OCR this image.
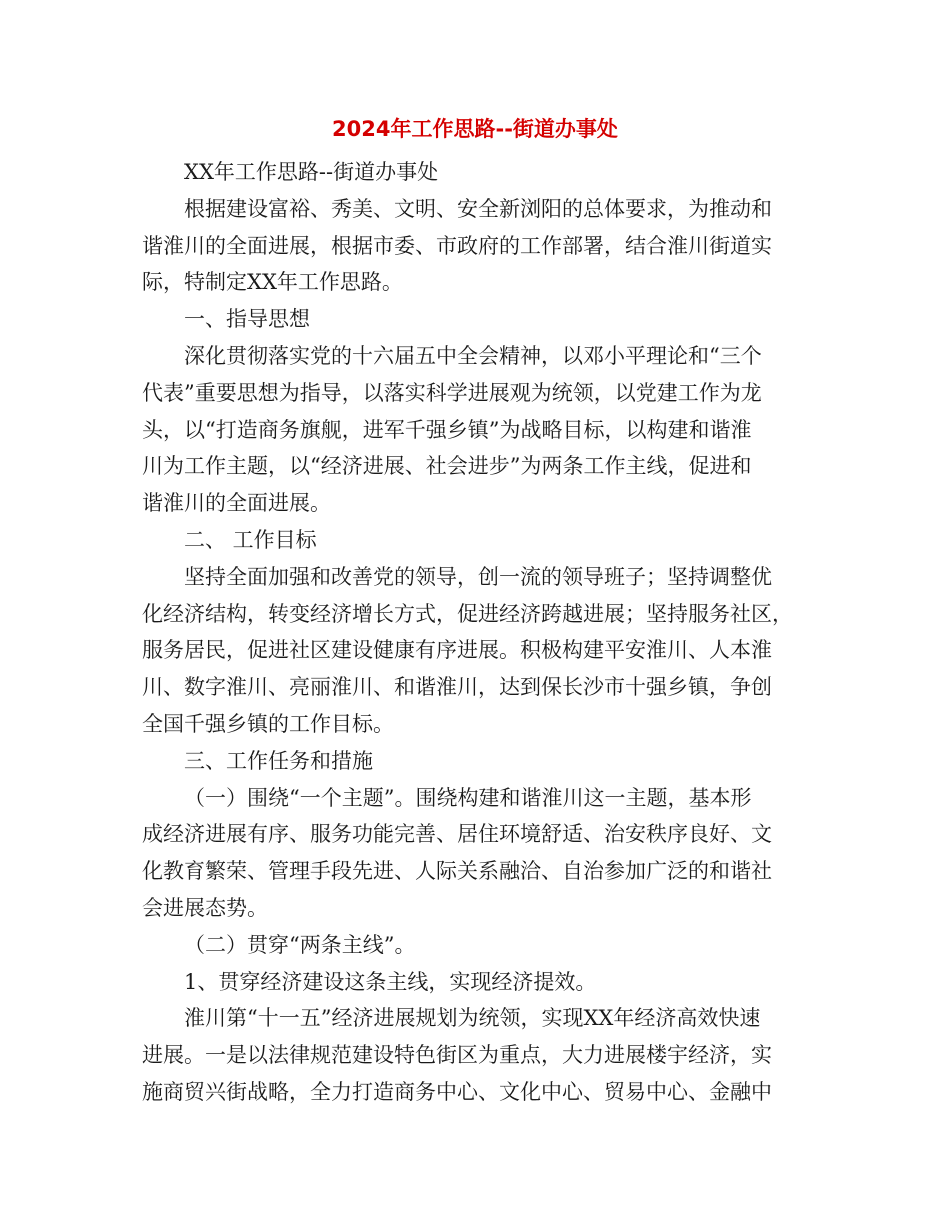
2024年工作思路--街道办事处
XX年工作思路--街道办事处
根据建设富裕、秀美、文明、安全新浏阳的总体要求，为推动和
谐淮川的全面进展，根据市委、市政府的工作部署，结合淮川街道实
际，特制定XX年工作思路。
一、指导思想
深化贯彻落实党的十六届五中全会精神，以邓小平理论和“三个
代表”重要思想为指导，以落实科学进展观为统领，以党建工作为龙
头，以“打造商务旗舰，进军千强乡镇”为战略目标，以构建和谐淮
川为工作主题，以“经济进展、社会进步”为两条工作主线，促进和
谐淮川的全面进展。
二、 工作目标
坚持全面加强和改善党的领导，创一流的领导班子；坚持调整优
化经济结构，转变经济增长方式，促进经济跨越进展；坚持服务社区，
服务居民，促进社区建设健康有序进展。积极构建平安淮川、人本淮
川、数字淮川、亮丽淮川、和谐淮川，达到保长沙市十强乡镇，争创
全国千强乡镇的工作目标。
三、工作任务和措施
（一）围绕“一个主题”。围绕构建和谐淮川这一主题，基本形
成经济进展有序、服务功能完善、居住环境舒适、治安秩序良好、文
化教育繁荣、管理手段先进、人际关系融洽、自治参加广泛的和谐社
会进展态势。
（二）贯穿“两条主线”。
1、贯穿经济建设这条主线，实现经济提效。
淮川第“十一五”经济进展规划为统领，实现XX年经济高效快速
进展。一是以法律规范建设特色街区为重点，大力进展楼宇经济，实
施商贸兴街战略，全力打造商务中心、文化中心、贸易中心、金融中
